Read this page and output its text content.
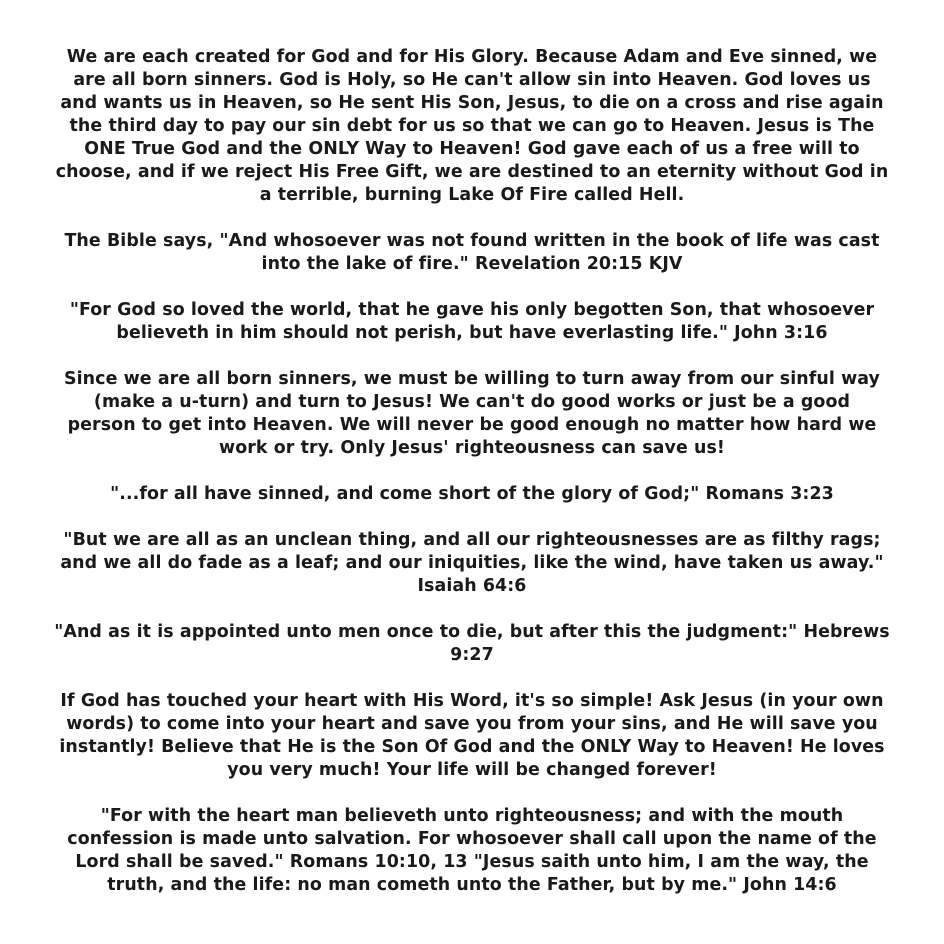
We are each created for God and for His Glory. Because Adam and Eve sinned, we
are all born sinners. God is Holy, so He can't allow sin into Heaven. God loves us
and wants us in Heaven, so He sent His Son, Jesus, to die on a cross and rise again
the third day to pay our sin debt for us so that we can go to Heaven. Jesus is The
ONE True God and the ONLY Way to Heaven! God gave each of us a free will to
choose, and if we reject His Free Gift, we are destined to an eternity without God in
a terrible, burning Lake Of Fire called Hell.
The Bible says, "And whosoever was not found written in the book of life was cast
into the lake of fire." Revelation 20:15 KJV
"For God so loved the world, that he gave his only begotten Son, that whosoever
believeth in him should not perish, but have everlasting life." John 3:16
Since we are all born sinners, we must be willing to turn away from our sinful way
(make a u-turn) and turn to Jesus! We can't do good works or just be a good
person to get into Heaven. We will never be good enough no matter how hard we
work or try. Only Jesus' righteousness can save us!
"...for all have sinned, and come short of the glory of God;" Romans 3:23
"But we are all as an unclean thing, and all our righteousnesses are as filthy rags;
and we all do fade as a leaf; and our iniquities, like the wind, have taken us away."
Isaiah 64:6
"And as it is appointed unto men once to die, but after this the judgment:" Hebrews
9:27
If God has touched your heart with His Word, it's so simple! Ask Jesus (in your own
words) to come into your heart and save you from your sins, and He will save you
instantly! Believe that He is the Son Of God and the ONLY Way to Heaven! He loves
you very much! Your life will be changed forever!
"For with the heart man believeth unto righteousness; and with the mouth
confession is made unto salvation. For whosoever shall call upon the name of the
Lord shall be saved." Romans 10:10, 13 "Jesus saith unto him, I am the way, the
truth, and the life: no man cometh unto the Father, but by me." John 14:6
